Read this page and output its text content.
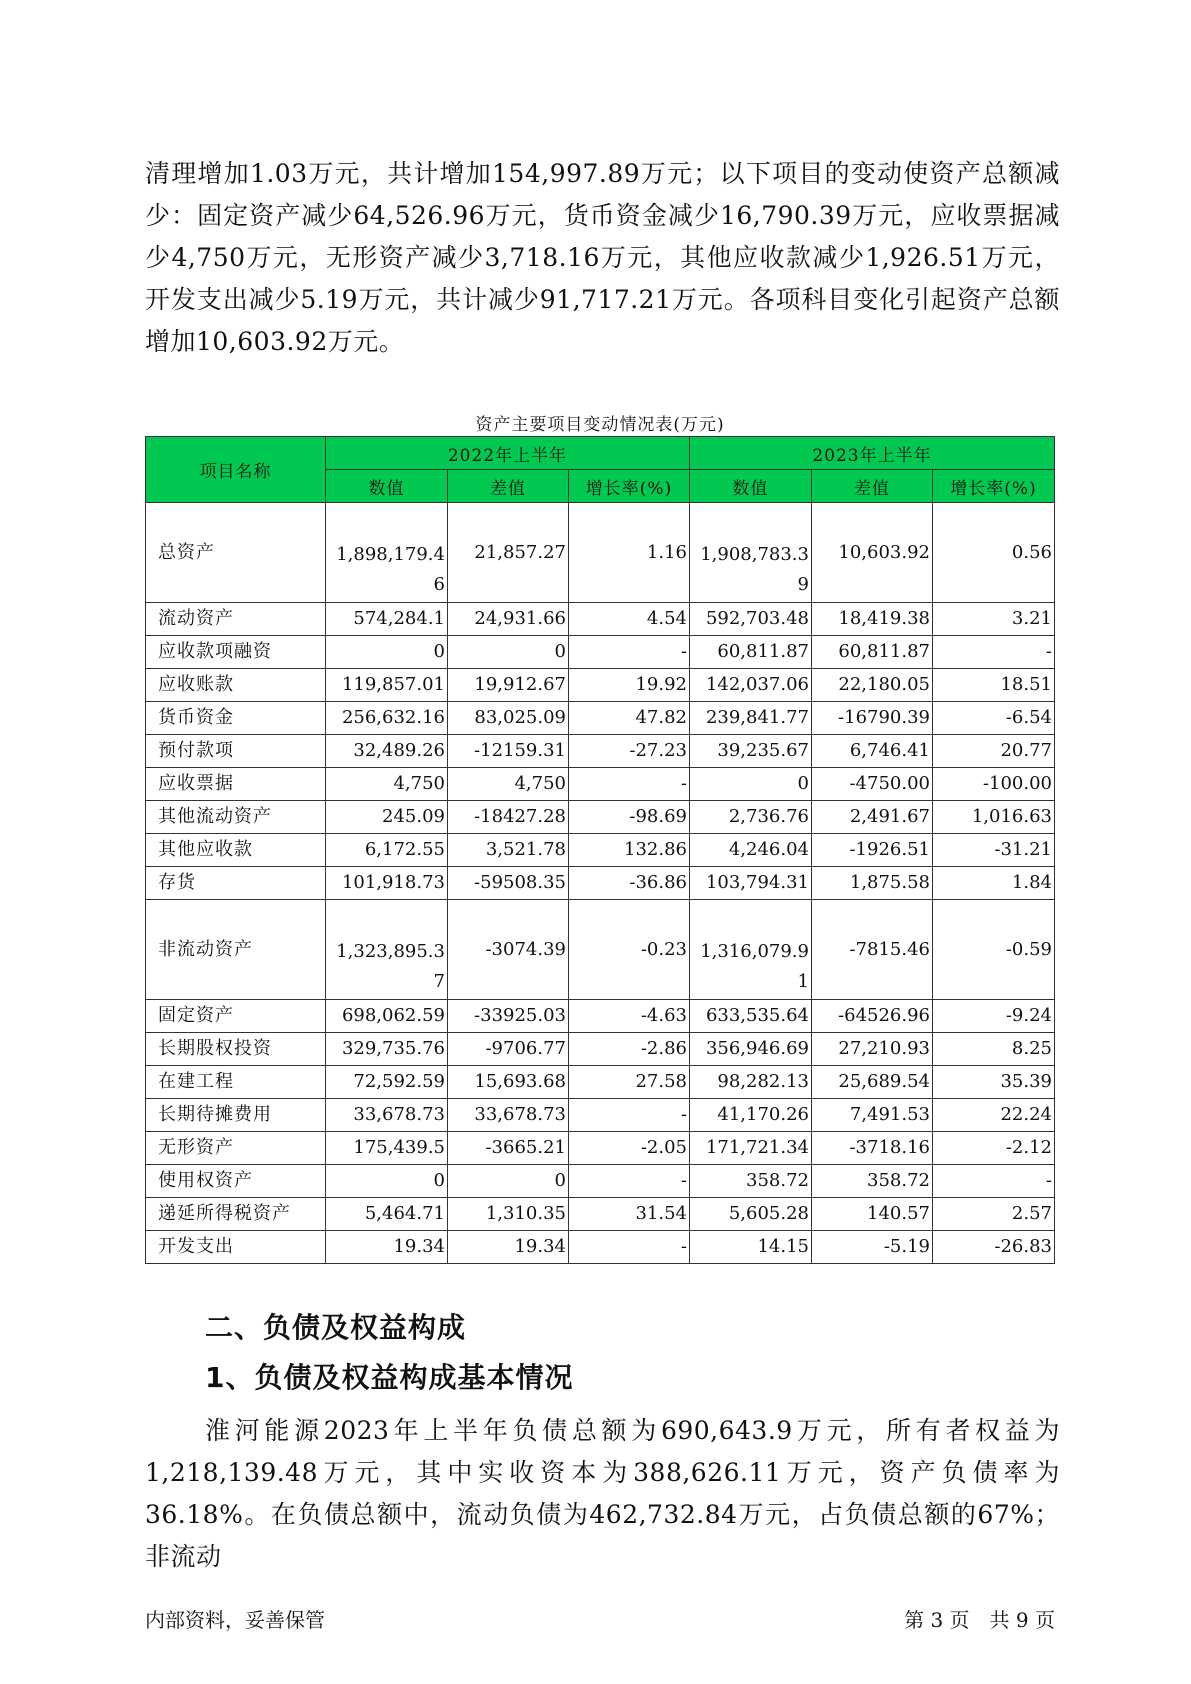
清理增加1.03万元，共计增加154,997.89万元；以下项目的变动使资产总额减少：固定资产减少64,526.96万元，货币资金减少16,790.39万元，应收票据减少4,750万元，无形资产减少3,718.16万元，其他应收款减少1,926.51万元，开发支出减少5.19万元，共计减少91,717.21万元。各项科目变化引起资产总额增加10,603.92万元。

资产主要项目变动情况表(万元)
项目名称	2022年上半年			2023年上半年		
	数值	差值	增长率(%)	数值	差值	增长率(%)
总资产	1,898,179.46	21,857.27	1.16	1,908,783.39	10,603.92	0.56
流动资产	574,284.1	24,931.66	4.54	592,703.48	18,419.38	3.21
应收款项融资	0	0	-	60,811.87	60,811.87	-
应收账款	119,857.01	19,912.67	19.92	142,037.06	22,180.05	18.51
货币资金	256,632.16	83,025.09	47.82	239,841.77	-16790.39	-6.54
预付款项	32,489.26	-12159.31	-27.23	39,235.67	6,746.41	20.77
应收票据	4,750	4,750	-	0	-4750.00	-100.00
其他流动资产	245.09	-18427.28	-98.69	2,736.76	2,491.67	1,016.63
其他应收款	6,172.55	3,521.78	132.86	4,246.04	-1926.51	-31.21
存货	101,918.73	-59508.35	-36.86	103,794.31	1,875.58	1.84
非流动资产	1,323,895.37	-3074.39	-0.23	1,316,079.91	-7815.46	-0.59
固定资产	698,062.59	-33925.03	-4.63	633,535.64	-64526.96	-9.24
长期股权投资	329,735.76	-9706.77	-2.86	356,946.69	27,210.93	8.25
在建工程	72,592.59	15,693.68	27.58	98,282.13	25,689.54	35.39
长期待摊费用	33,678.73	33,678.73	-	41,170.26	7,491.53	22.24
无形资产	175,439.5	-3665.21	-2.05	171,721.34	-3718.16	-2.12
使用权资产	0	0	-	358.72	358.72	-
递延所得税资产	5,464.71	1,310.35	31.54	5,605.28	140.57	2.57
开发支出	19.34	19.34	-	14.15	-5.19	-26.83
二、负债及权益构成
1、负债及权益构成基本情况

淮河能源2023年上半年负债总额为690,643.9万元，所有者权益为1,218,139.48万元，其中实收资本为388,626.11万元，资产负债率为36.18%。在负债总额中，流动负债为462,732.84万元，占负债总额的67%；非流动

内部资料，妥善保管	第 3 页　共 9 页
